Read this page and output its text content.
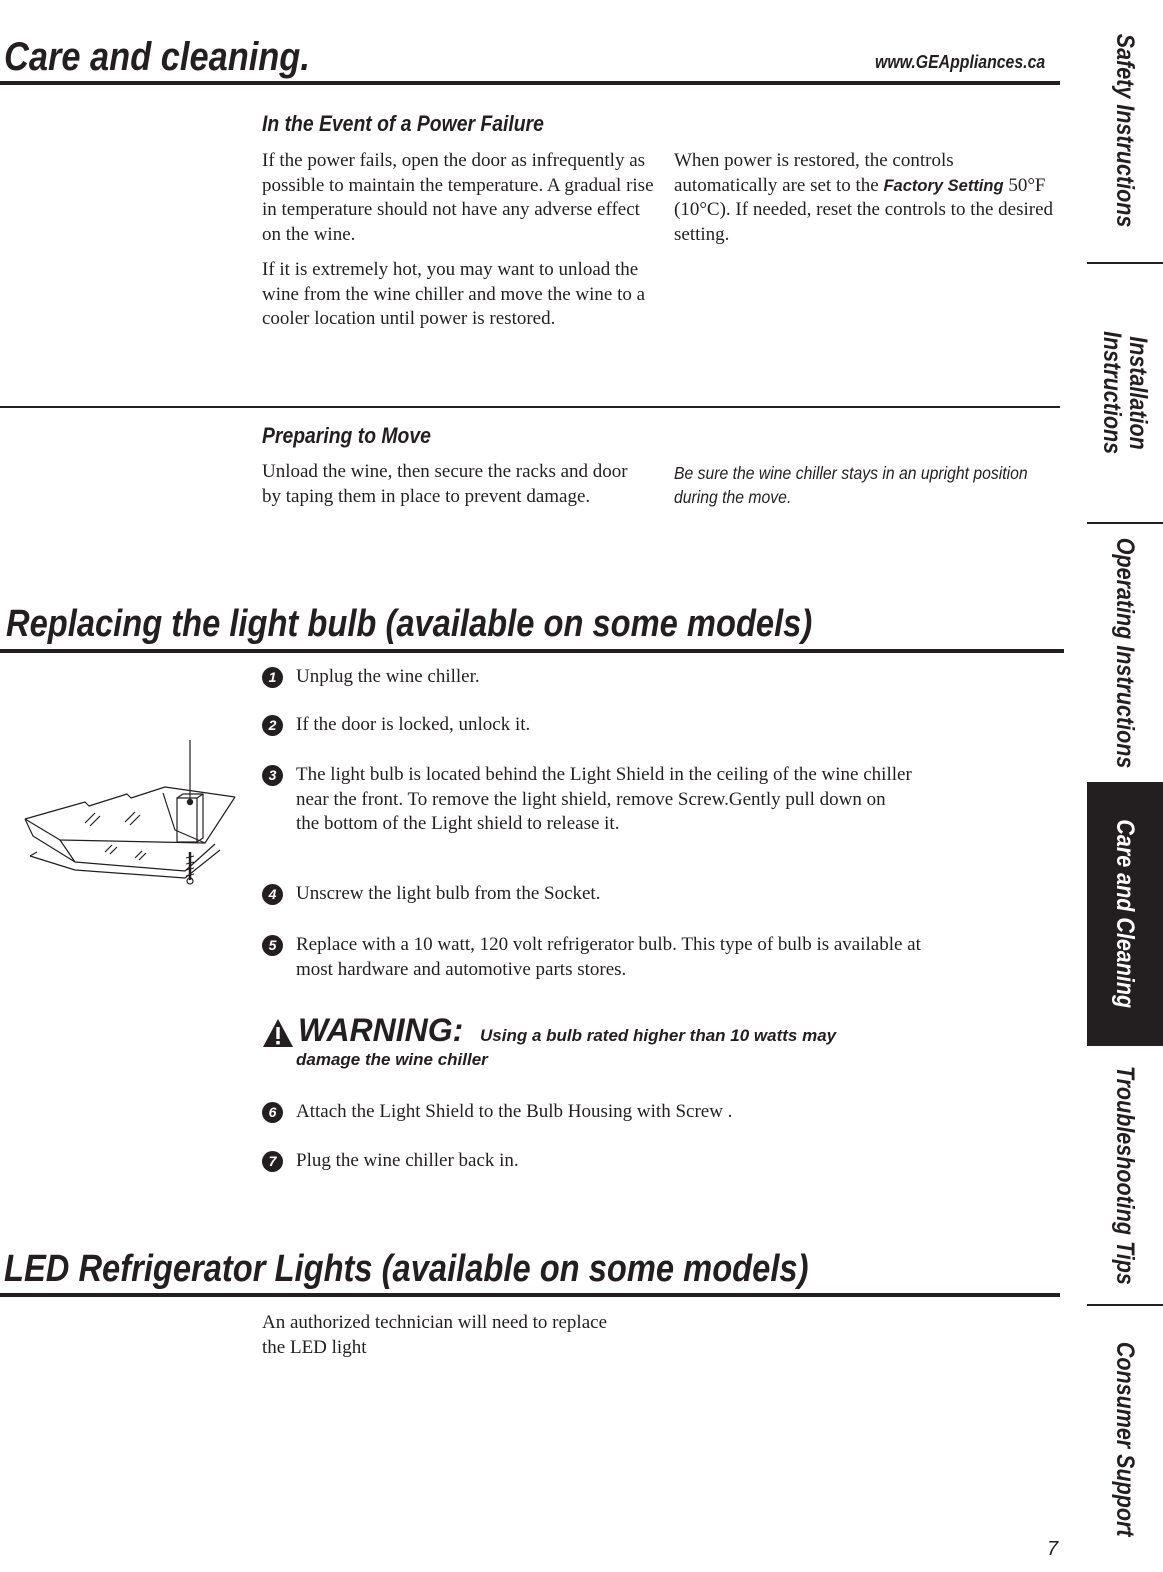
Care and cleaning.	www.GEAppliances.ca
In the Event of a Power Failure

If the power fails, open the door as infrequently as possible to maintain the temperature. A gradual rise in temperature should not have any adverse effect on the wine.

If it is extremely hot, you may want to unload the wine from the wine chiller and move the wine to a cooler location until power is restored.

When power is restored, the controls automatically are set to the Factory Setting 50°F (10°C). If needed, reset the controls to the desired setting.
Preparing to Move
Unload the wine, then secure the racks and door by taping them in place to prevent damage.
Be sure the wine chiller stays in an upright position during the move.
Replacing the light bulb (available on some models)
1	Unplug the wine chiller.
2	If the door is locked, unlock it.
3	The light bulb is located behind the Light Shield in the ceiling of the wine chiller near the front. To remove the light shield, remove Screw.Gently pull down on the bottom of the Light shield to release it.
4	Unscrew the light bulb from the Socket.
5	Replace with a 10 watt, 120 volt refrigerator bulb. This type of bulb is available at most hardware and automotive parts stores.
WARNING: Using a bulb rated higher than 10 watts may damage the wine chiller
6	Attach the Light Shield to the Bulb Housing with Screw .
7	Plug the wine chiller back in.
LED Refrigerator Lights (available on some models)
An authorized technician will need to replace the LED light
7
Safety Instructions
Installation Instructions
Operating Instructions
Care and Cleaning
Troubleshooting Tips
Consumer Support
